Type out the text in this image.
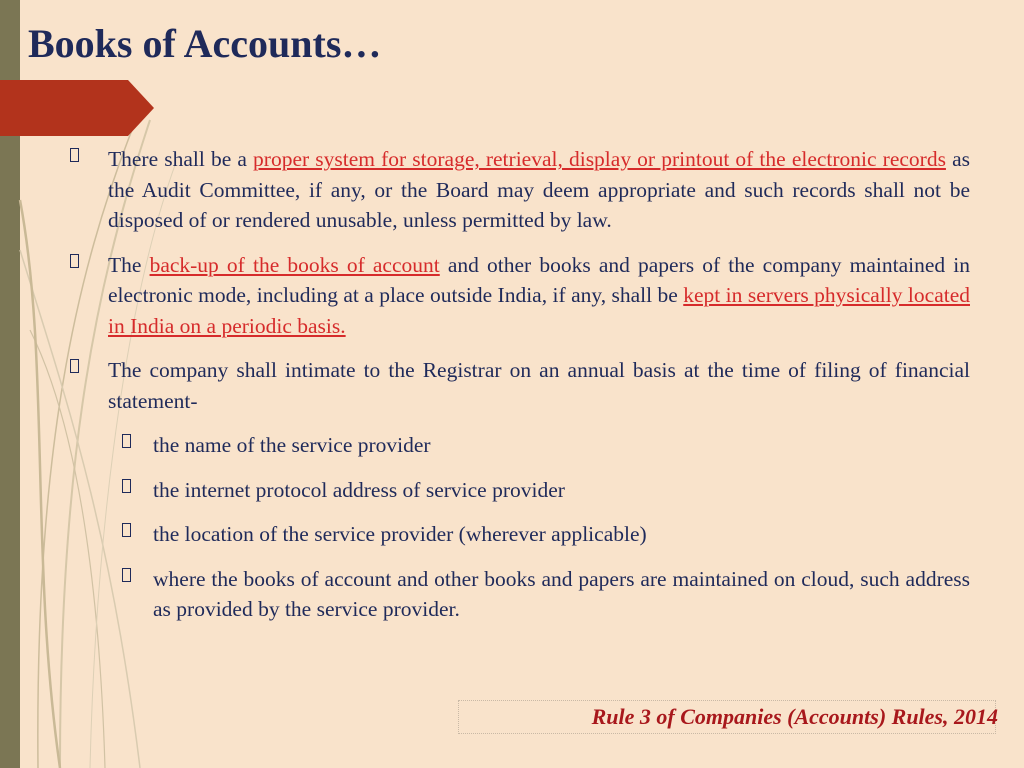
Books of Accounts…
There shall be a proper system for storage, retrieval, display or printout of the electronic records as the Audit Committee, if any, or the Board may deem appropriate and such records shall not be disposed of or rendered unusable, unless permitted by law.
The back-up of the books of account and other books and papers of the company maintained in electronic mode, including at a place outside India, if any, shall be kept in servers physically located in India on a periodic basis.
The company shall intimate to the Registrar on an annual basis at the time of filing of financial statement-
the name of the service provider
the internet protocol address of service provider
the location of the service provider (wherever applicable)
where the books of account and other books and papers are maintained on cloud, such address as provided by the service provider.
Rule 3 of Companies (Accounts) Rules, 2014
